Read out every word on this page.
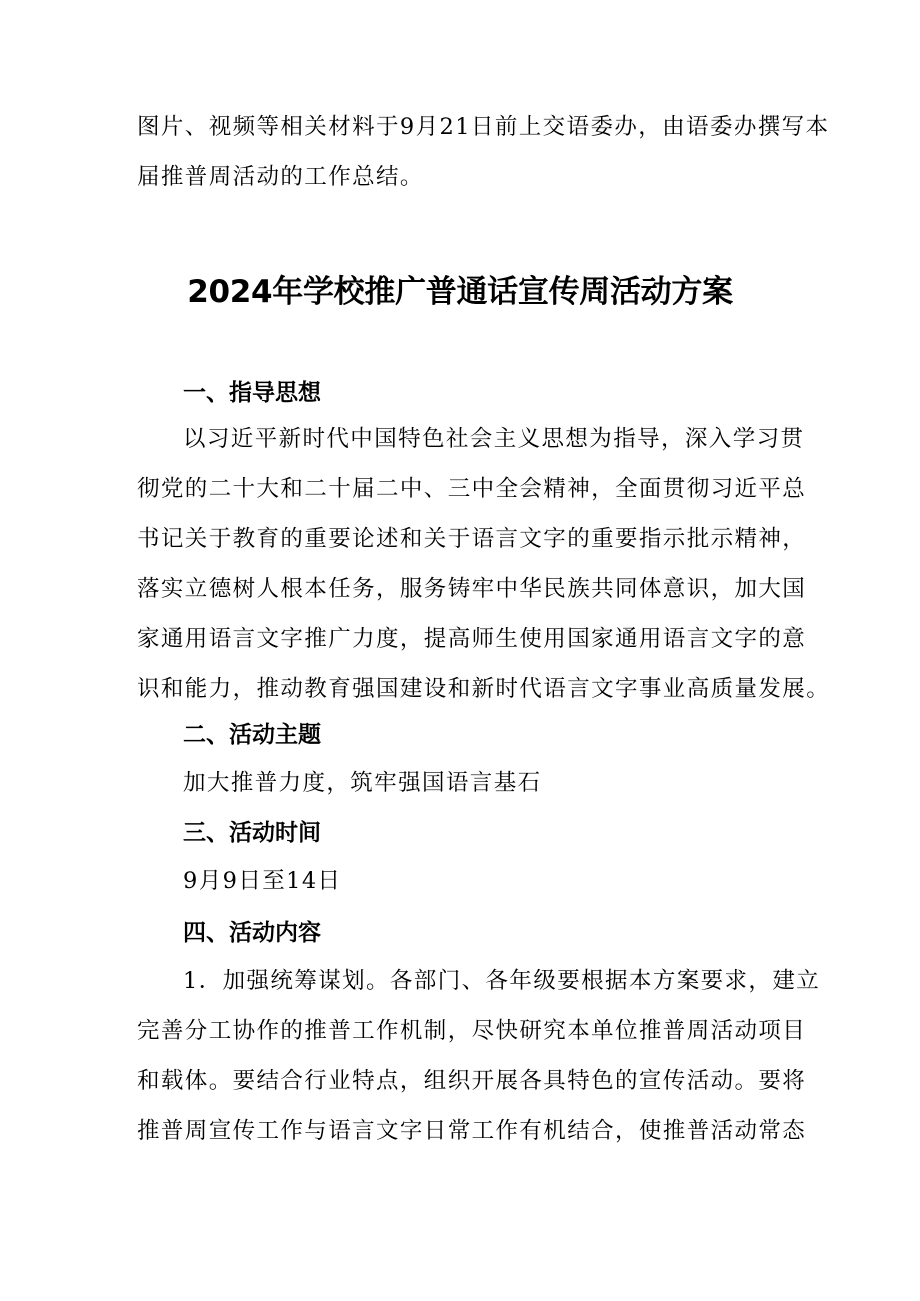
图片、视频等相关材料于9月21日前上交语委办，由语委办撰写本

届推普周活动的工作总结。

2024年学校推广普通话宣传周活动方案
一、指导思想

以习近平新时代中国特色社会主义思想为指导，深入学习贯

彻党的二十大和二十届二中、三中全会精神，全面贯彻习近平总

书记关于教育的重要论述和关于语言文字的重要指示批示精神，

落实立德树人根本任务，服务铸牢中华民族共同体意识，加大国

家通用语言文字推广力度，提高师生使用国家通用语言文字的意

识和能力，推动教育强国建设和新时代语言文字事业高质量发展。

二、活动主题

加大推普力度，筑牢强国语言基石

三、活动时间

9月9日至14日

四、活动内容

1．加强统筹谋划。各部门、各年级要根据本方案要求，建立

完善分工协作的推普工作机制，尽快研究本单位推普周活动项目

和载体。要结合行业特点，组织开展各具特色的宣传活动。要将

推普周宣传工作与语言文字日常工作有机结合，使推普活动常态
